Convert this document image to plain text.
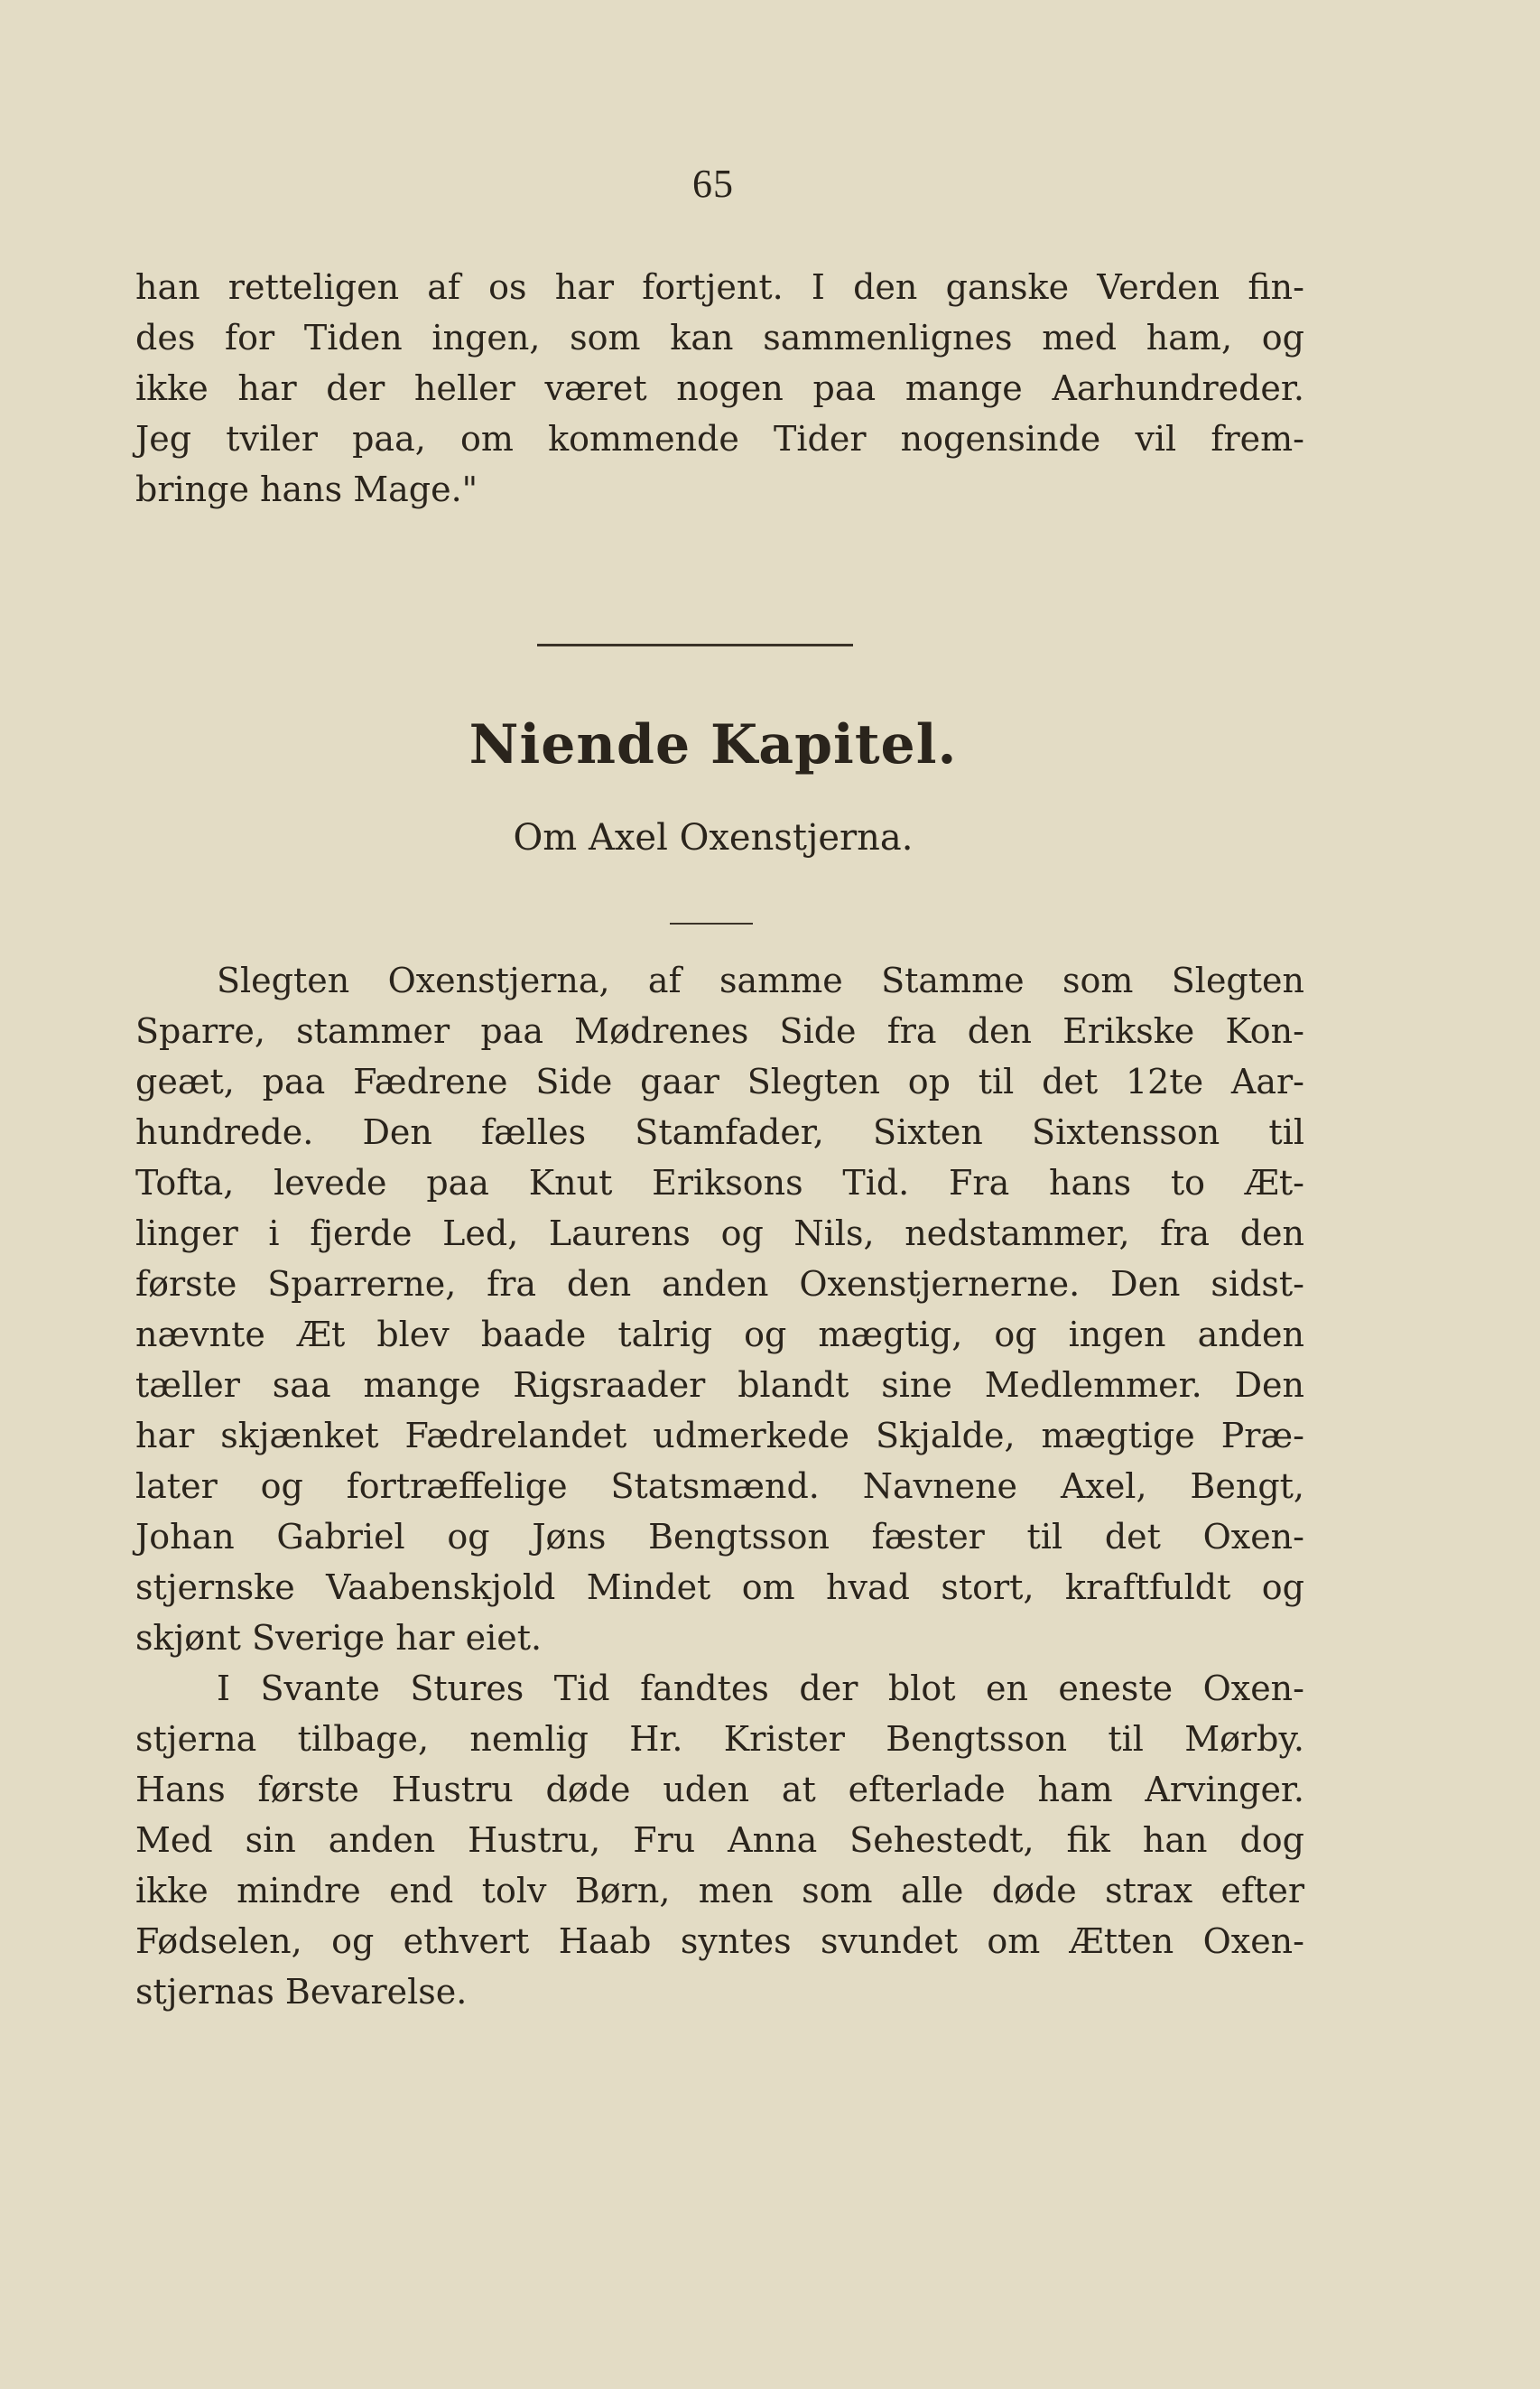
65
han retteligen af os har fortjent. I den ganske Verden fin-
des for Tiden ingen, som kan sammenlignes med ham, og
ikke har der heller været nogen paa mange Aarhundreder.
Jeg tviler paa, om kommende Tider nogensinde vil frem-
bringe hans Mage."
Niende Kapitel.
Om Axel Oxenstjerna.
Slegten Oxenstjerna, af samme Stamme som Slegten
Sparre, stammer paa Mødrenes Side fra den Erikske Kon-
geæt, paa Fædrene Side gaar Slegten op til det 12te Aar-
hundrede. Den fælles Stamfader, Sixten Sixtensson til
Tofta, levede paa Knut Eriksons Tid. Fra hans to Æt-
linger i fjerde Led, Laurens og Nils, nedstammer, fra den
første Sparrerne, fra den anden Oxenstjernerne. Den sidst-
nævnte Æt blev baade talrig og mægtig, og ingen anden
tæller saa mange Rigsraader blandt sine Medlemmer. Den
har skjænket Fædrelandet udmerkede Skjalde, mægtige Præ-
later og fortræffelige Statsmænd. Navnene Axel, Bengt,
Johan Gabriel og Jøns Bengtsson fæster til det Oxen-
stjernske Vaabenskjold Mindet om hvad stort, kraftfuldt og
skjønt Sverige har eiet.
I Svante Stures Tid fandtes der blot en eneste Oxen-
stjerna tilbage, nemlig Hr. Krister Bengtsson til Mørby.
Hans første Hustru døde uden at efterlade ham Arvinger.
Med sin anden Hustru, Fru Anna Sehestedt, fik han dog
ikke mindre end tolv Børn, men som alle døde strax efter
Fødselen, og ethvert Haab syntes svundet om Ætten Oxen-
stjernas Bevarelse.
